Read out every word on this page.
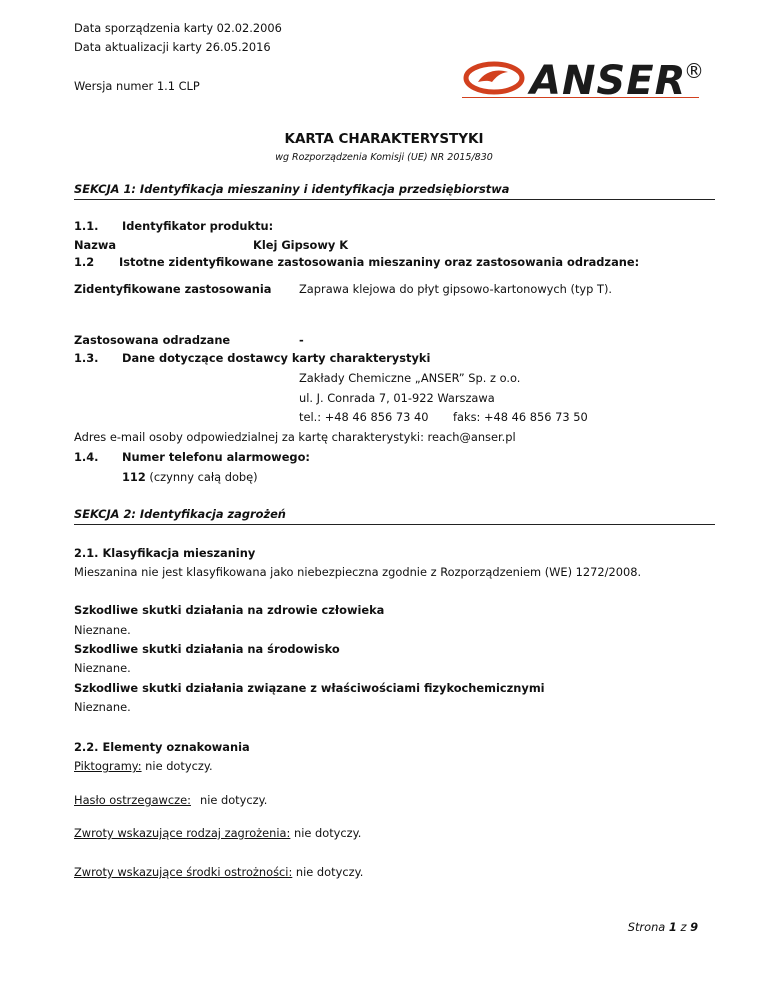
Data sporządzenia karty 02.02.2006
Data aktualizacji karty 26.05.2016
Wersja numer 1.1 CLP	ANSER
®
KARTA CHARAKTERYSTYKI
wg Rozporządzenia Komisji (UE) NR 2015/830
SEKCJA 1: Identyfikacja mieszaniny i identyfikacja przedsiębiorstwa
1.1. Identyfikator produktu:
Nazwa	Klej Gipsowy K
1.2 Istotne zidentyfikowane zastosowania mieszaniny oraz zastosowania odradzane:
Zidentyfikowane zastosowania Zaprawa klejowa do płyt gipsowo-kartonowych (typ T).
Zastosowana odradzane	-
1.3. Dane dotyczące dostawcy karty charakterystyki
Zakłady Chemiczne „ANSER” Sp. z o.o.
ul. J. Conrada 7, 01-922 Warszawa
tel.: +48 46 856 73 40 faks: +48 46 856 73 50
Adres e-mail osoby odpowiedzialnej za kartę charakterystyki: reach@anser.pl
1.4. Numer telefonu alarmowego:
112 (czynny całą dobę)
SEKCJA 2: Identyfikacja zagrożeń
2.1. Klasyfikacja mieszaniny
Mieszanina nie jest klasyfikowana jako niebezpieczna zgodnie z Rozporządzeniem (WE) 1272/2008.
Szkodliwe skutki działania na zdrowie człowieka
Nieznane.
Szkodliwe skutki działania na środowisko
Nieznane.
Szkodliwe skutki działania związane z właściwościami fizykochemicznymi
Nieznane.
2.2. Elementy oznakowania
Piktogramy: nie dotyczy.
Hasło ostrzegawcze: nie dotyczy.
Zwroty wskazujące rodzaj zagrożenia: nie dotyczy.
Zwroty wskazujące środki ostrożności: nie dotyczy.
Strona 1 z 9
